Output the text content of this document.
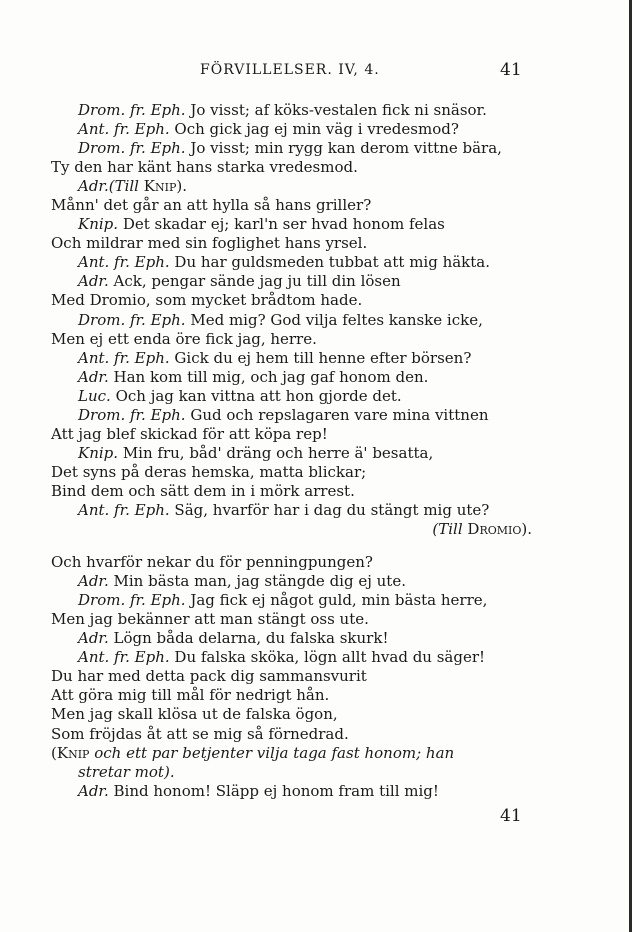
FÖRVILLELSER. IV, 4.	41
Drom. fr. Eph. Jo visst; af köks-vestalen fick ni snäsor.
Ant. fr. Eph. Och gick jag ej min väg i vredesmod?
Drom. fr. Eph. Jo visst; min rygg kan derom vittne bära,
Ty den har känt hans starka vredesmod.
Adr.(Till Knip).
Månn' det går an att hylla så hans griller?
Knip. Det skadar ej; karl'n ser hvad honom felas
Och mildrar med sin foglighet hans yrsel.
Ant. fr. Eph. Du har guldsmeden tubbat att mig häkta.
Adr. Ack, pengar sände jag ju till din lösen
Med Dromio, som mycket brådtom hade.
Drom. fr. Eph. Med mig? God vilja feltes kanske icke,
Men ej ett enda öre fick jag, herre.
Ant. fr. Eph. Gick du ej hem till henne efter börsen?
Adr. Han kom till mig, och jag gaf honom den.
Luc. Och jag kan vittna att hon gjorde det.
Drom. fr. Eph. Gud och repslagaren vare mina vittnen
Att jag blef skickad för att köpa rep!
Knip. Min fru, båd' dräng och herre ä' besatta,
Det syns på deras hemska, matta blickar;
Bind dem och sätt dem in i mörk arrest.
Ant. fr. Eph. Säg, hvarför har i dag du stängt mig ute?
(Till Dromio).
Och hvarför nekar du för penningpungen?
Adr. Min bästa man, jag stängde dig ej ute.
Drom. fr. Eph. Jag fick ej något guld, min bästa herre,
Men jag bekänner att man stängt oss ute.
Adr. Lögn båda delarna, du falska skurk!
Ant. fr. Eph. Du falska sköka, lögn allt hvad du säger!
Du har med detta pack dig sammansvurit
Att göra mig till mål för nedrigt hån.
Men jag skall klösa ut de falska ögon,
Som fröjdas åt att se mig så förnedrad.
(Knip och ett par betjenter vilja taga fast honom; han
stretar mot).
Adr. Bind honom! Släpp ej honom fram till mig!
41
